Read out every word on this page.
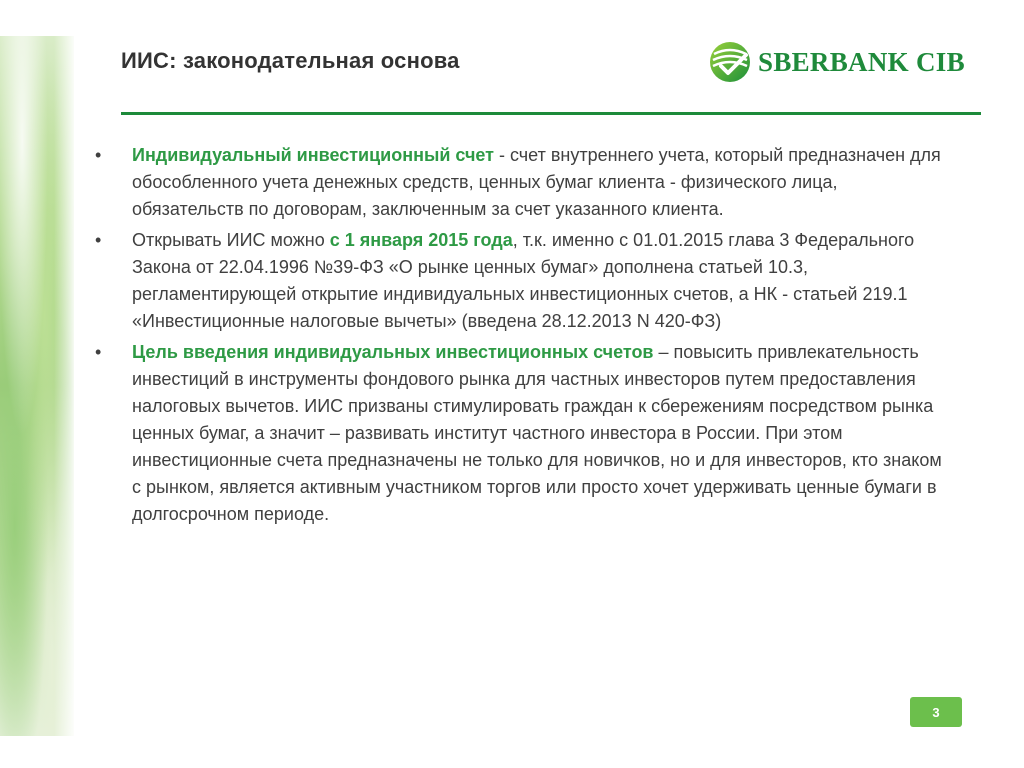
ИИС: законодательная основа	SBERBANK CIB
• Индивидуальный инвестиционный счет - счет внутреннего учета, который предназначен для обособленного учета денежных средств, ценных бумаг клиента - физического лица, обязательств по договорам, заключенным за счет указанного клиента.
• Открывать ИИС можно с 1 января 2015 года, т.к. именно с 01.01.2015 глава 3 Федерального Закона от 22.04.1996 №39-ФЗ «О рынке ценных бумаг» дополнена статьей 10.3, регламентирующей открытие индивидуальных инвестиционных счетов, а НК - статьей 219.1 «Инвестиционные налоговые вычеты» (введена 28.12.2013 N 420-ФЗ)
• Цель введения индивидуальных инвестиционных счетов – повысить привлекательность инвестиций в инструменты фондового рынка для частных инвесторов путем предоставления налоговых вычетов. ИИС призваны стимулировать граждан к сбережениям посредством рынка ценных бумаг, а значит – развивать институт частного инвестора в России. При этом инвестиционные счета предназначены не только для новичков, но и для инвесторов, кто знаком с рынком, является активным участником торгов или просто хочет удерживать ценные бумаги в долгосрочном периоде.
3
